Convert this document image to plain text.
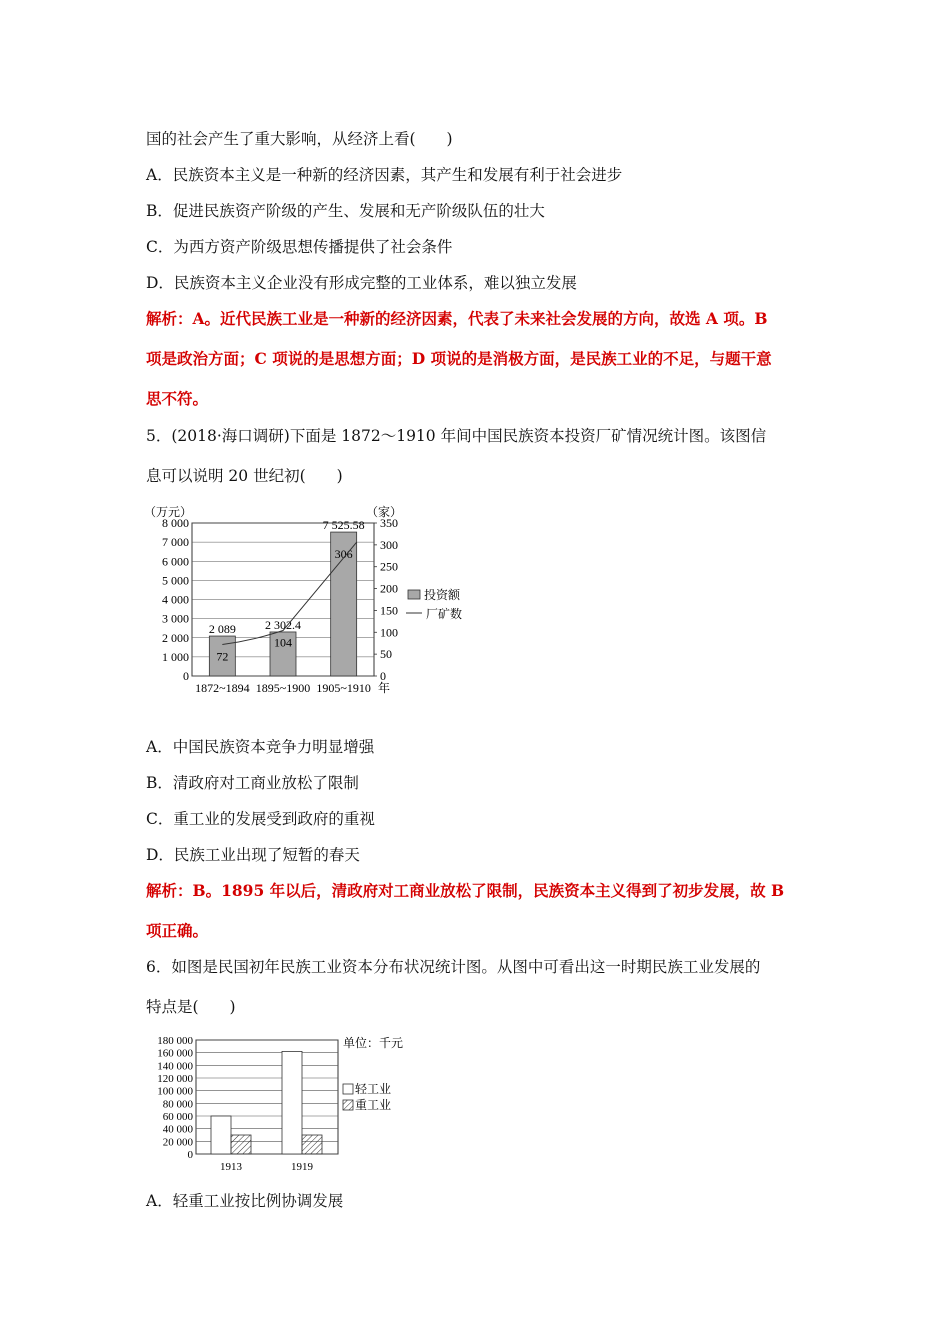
国的社会产生了重大影响，从经济上看(　　)
A．民族资本主义是一种新的经济因素，其产生和发展有利于社会进步
B．促进民族资产阶级的产生、发展和无产阶级队伍的壮大
C．为西方资产阶级思想传播提供了社会条件
D．民族资本主义企业没有形成完整的工业体系，难以独立发展
解析：A。近代民族工业是一种新的经济因素，代表了未来社会发展的方向，故选 A 项。B
项是政治方面；C 项说的是思想方面；D 项说的是消极方面，是民族工业的不足，与题干意
思不符。
5．(2018·海口调研)下面是 1872～1910 年间中国民族资本投资厂矿情况统计图。该图信
息可以说明 20 世纪初(　　)
（万元）	（家）
8 000
7 000
6 000
5 000
4 000
3 000
2 000
1 000
0
350
300
250
200
150
100
50
0
2 089 2 302.4
7 525.58
72
104
306
1872~1894 1895~1900 1905~1910 年
投资额
厂矿数
A．中国民族资本竞争力明显增强
B．清政府对工商业放松了限制
C．重工业的发展受到政府的重视
D．民族工业出现了短暂的春天
解析：B。1895 年以后，清政府对工商业放松了限制，民族资本主义得到了初步发展，故 B
项正确。
6．如图是民国初年民族工业资本分布状况统计图。从图中可看出这一时期民族工业发展的
特点是(　　)
180 000
160 000
140 000
120 000
100 000
80 000
60 000
40 000
20 000
0
1913	1919
单位：千元
轻工业
重工业
A．轻重工业按比例协调发展
